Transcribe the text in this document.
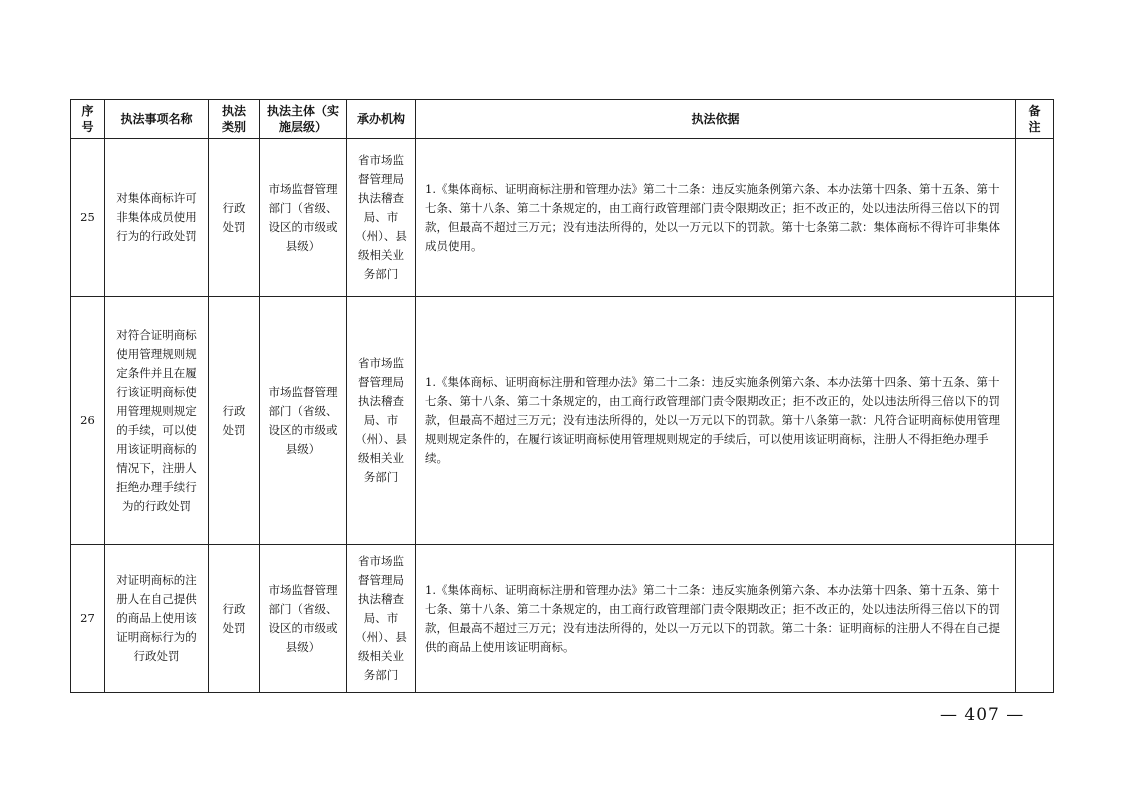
序号	执法事项名称	执法类别	执法主体（实施层级）	承办机构	执法依据	备注
25	对集体商标许可非集体成员使用行为的行政处罚	行政处罚	市场监督管理部门（省级、设区的市级或县级）	省市场监督管理局执法稽查局、市（州）、县级相关业务部门	1.《集体商标、证明商标注册和管理办法》第二十二条：违反实施条例第六条、本办法第十四条、第十五条、第十七条、第十八条、第二十条规定的，由工商行政管理部门责令限期改正；拒不改正的，处以违法所得三倍以下的罚款，但最高不超过三万元；没有违法所得的，处以一万元以下的罚款。第十七条第二款：集体商标不得许可非集体成员使用。	
26	对符合证明商标使用管理规则规定条件并且在履行该证明商标使用管理规则规定的手续，可以使用该证明商标的情况下，注册人拒绝办理手续行为的行政处罚	行政处罚	市场监督管理部门（省级、设区的市级或县级）	省市场监督管理局执法稽查局、市（州）、县级相关业务部门	1.《集体商标、证明商标注册和管理办法》第二十二条：违反实施条例第六条、本办法第十四条、第十五条、第十七条、第十八条、第二十条规定的，由工商行政管理部门责令限期改正；拒不改正的，处以违法所得三倍以下的罚款，但最高不超过三万元；没有违法所得的，处以一万元以下的罚款。第十八条第一款：凡符合证明商标使用管理规则规定条件的，在履行该证明商标使用管理规则规定的手续后，可以使用该证明商标，注册人不得拒绝办理手续。	
27	对证明商标的注册人在自己提供的商品上使用该证明商标行为的行政处罚	行政处罚	市场监督管理部门（省级、设区的市级或县级）	省市场监督管理局执法稽查局、市（州）、县级相关业务部门	1.《集体商标、证明商标注册和管理办法》第二十二条：违反实施条例第六条、本办法第十四条、第十五条、第十七条、第十八条、第二十条规定的，由工商行政管理部门责令限期改正；拒不改正的，处以违法所得三倍以下的罚款，但最高不超过三万元；没有违法所得的，处以一万元以下的罚款。第二十条：证明商标的注册人不得在自己提供的商品上使用该证明商标。	
— 407 —
